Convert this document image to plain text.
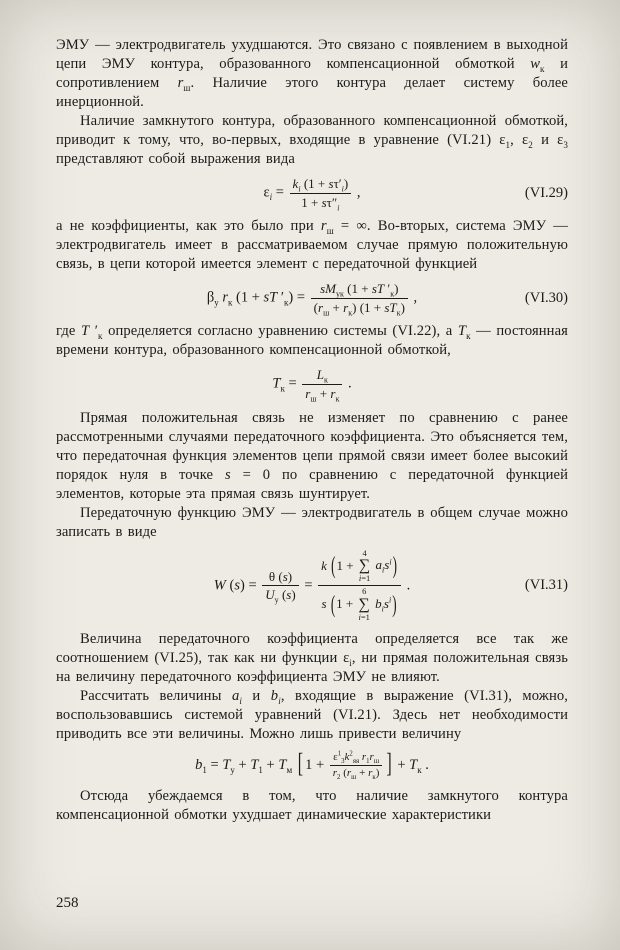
ЭМУ — электродвигатель ухудшаются. Это связано с появлением в выходной цепи ЭМУ контура, образованного компенсационной обмоткой $w_к$ и сопротивлением $r_ш$. Наличие этого контура делает систему более инерционной.

Наличие замкнутого контура, образованного компенсационной обмоткой, приводит к тому, что, во-первых, входящие в уравнение (VI.21) $\varepsilon_1$, $\varepsilon_2$ и $\varepsilon_3$ представляют собой выражения вида

$\varepsilon_i = \frac{k_i (1 + s\tau'_i)}{1 + s\tau''_i}$ ,	(VI.29)

а не коэффициенты, как это было при $r_ш$ = ∞. Во-вторых, система ЭМУ — электродвигатель имеет в рассматриваемом случае прямую положительную связь, в цепи которой имеется элемент с передаточной функцией

$\beta_у$ $r_к$ (1 + sT $'_к) = \frac{sM_{ук} (1 + sT '_к)}{(r_ш + r_к) (1 + sT_к)}$ ,	(VI.30)

где T $'_к$ определяется согласно уравнению системы (VI.22), а $T_к$ — постоянная времени контура, образованного компенсационной обмоткой,

$T_к = \frac{L_к}{r_ш + r_к}$ .

Прямая положительная связь не изменяет по сравнению с ранее рассмотренными случаями передаточного коэффициента. Это объясняется тем, что передаточная функция элементов цепи прямой связи имеет более высокий порядок нуля в точке s = 0 по сравнению с передаточной функцией элементов, которые эта прямая связь шунтирует.

Передаточную функцию ЭМУ — электродвигатель в общем случае можно записать в виде

W $(s) = \frac{\theta (s)}{U_у (s)} = k$ (1 +
4
∑
i=1
$a_is^i$)
s (1 +
6
∑
i=1
$b_is^i$) .	(VI.31)

Величина передаточного коэффициента определяется все так же соотношением (VI.25), так как ни функции $\varepsilon_i$, ни прямая положительная связь на величину передаточного коэффициента ЭМУ не влияют.

Рассчитать величины $a_i$ и $b_i$, входящие в выражение (VI.31), можно, воспользовавшись системой уравнений (VI.21). Здесь нет необходимости приводить все эти величины. Можно лишь привести величину

$b_1 = T_у + T_1 + T_м$ [ $1 + \frac{\varepsilon^1_3k^2_{яя} r_1r_ш}{r_2 (r_ш + r_к)}$ ] + $T_к$ .

Отсюда убеждаемся в том, что наличие замкнутого контура компенсационной обмотки ухудшает динамические характеристики

258
